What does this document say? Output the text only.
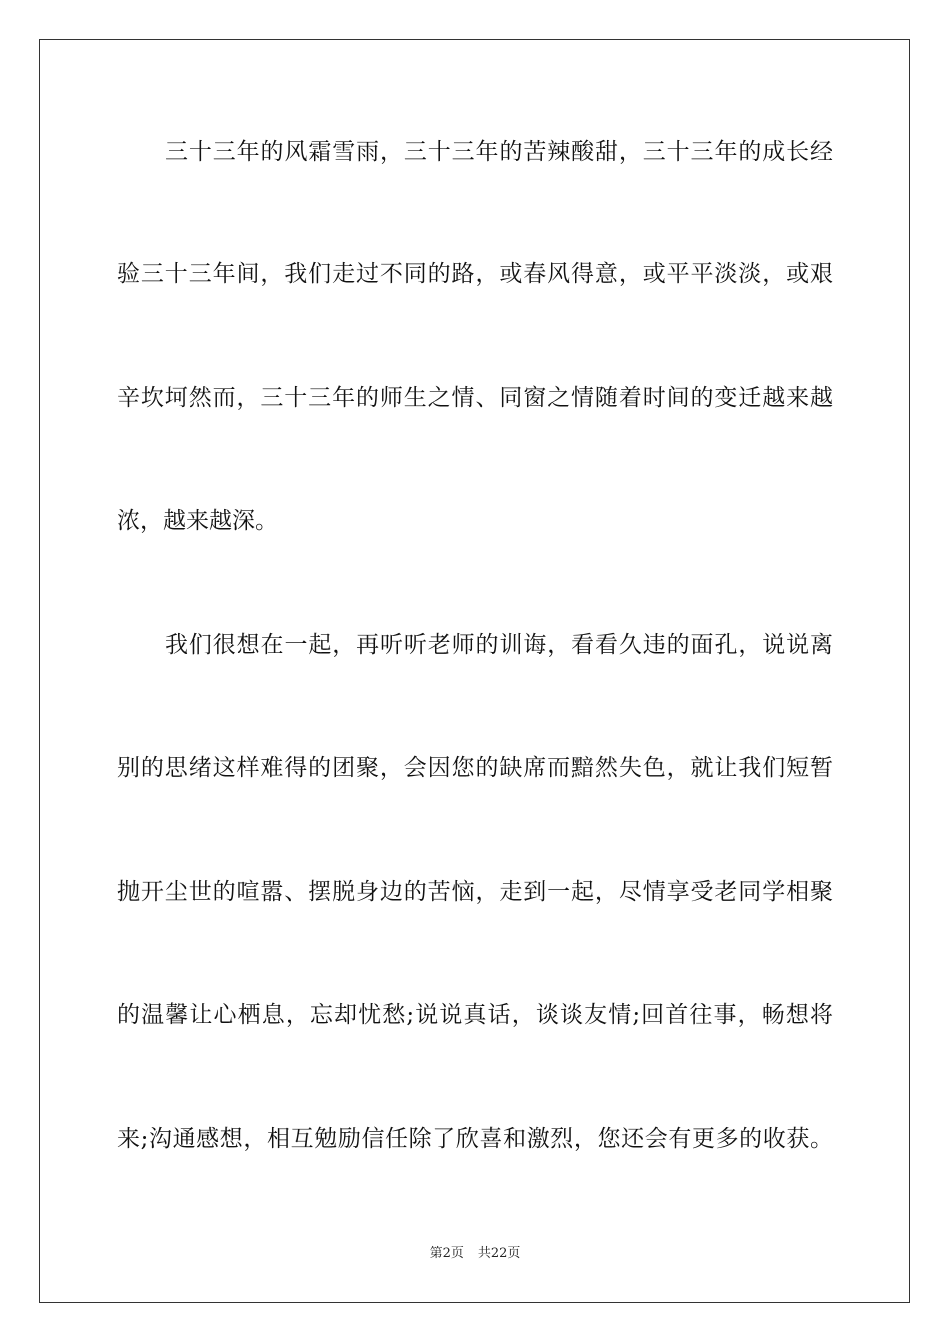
三十三年的风霜雪雨，三十三年的苦辣酸甜，三十三年的成长经
验三十三年间，我们走过不同的路，或春风得意，或平平淡淡，或艰
辛坎坷然而，三十三年的师生之情、同窗之情随着时间的变迁越来越
浓，越来越深。
我们很想在一起，再听听老师的训诲，看看久违的面孔，说说离
别的思绪这样难得的团聚，会因您的缺席而黯然失色，就让我们短暂
抛开尘世的喧嚣、摆脱身边的苦恼，走到一起，尽情享受老同学相聚
的温馨让心栖息，忘却忧愁;说说真话，谈谈友情;回首往事，畅想将
来;沟通感想，相互勉励信任除了欣喜和激烈，您还会有更多的收获。
第2页 共22页
